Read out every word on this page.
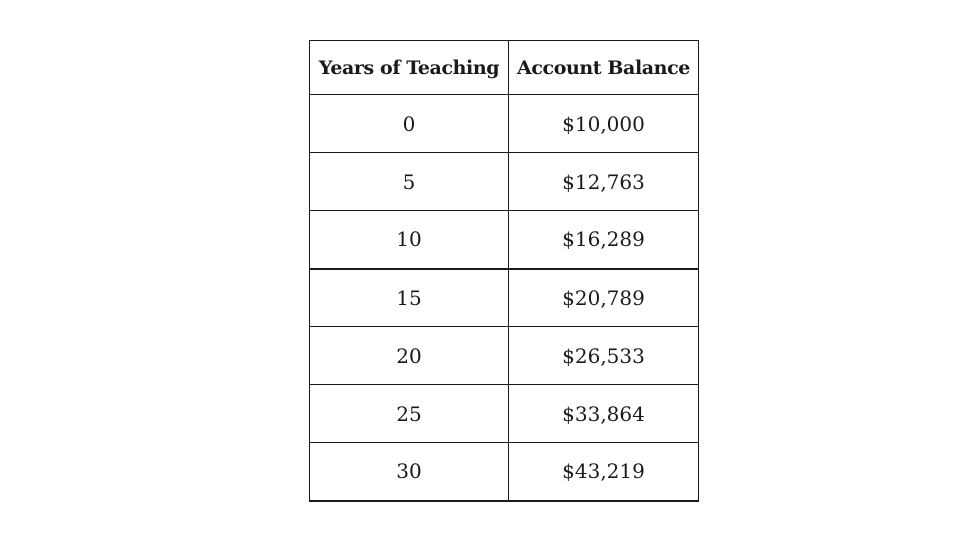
Years of Teaching	Account Balance
0	$10,000
5	$12,763
10	$16,289
15	$20,789
20	$26,533
25	$33,864
30	$43,219
